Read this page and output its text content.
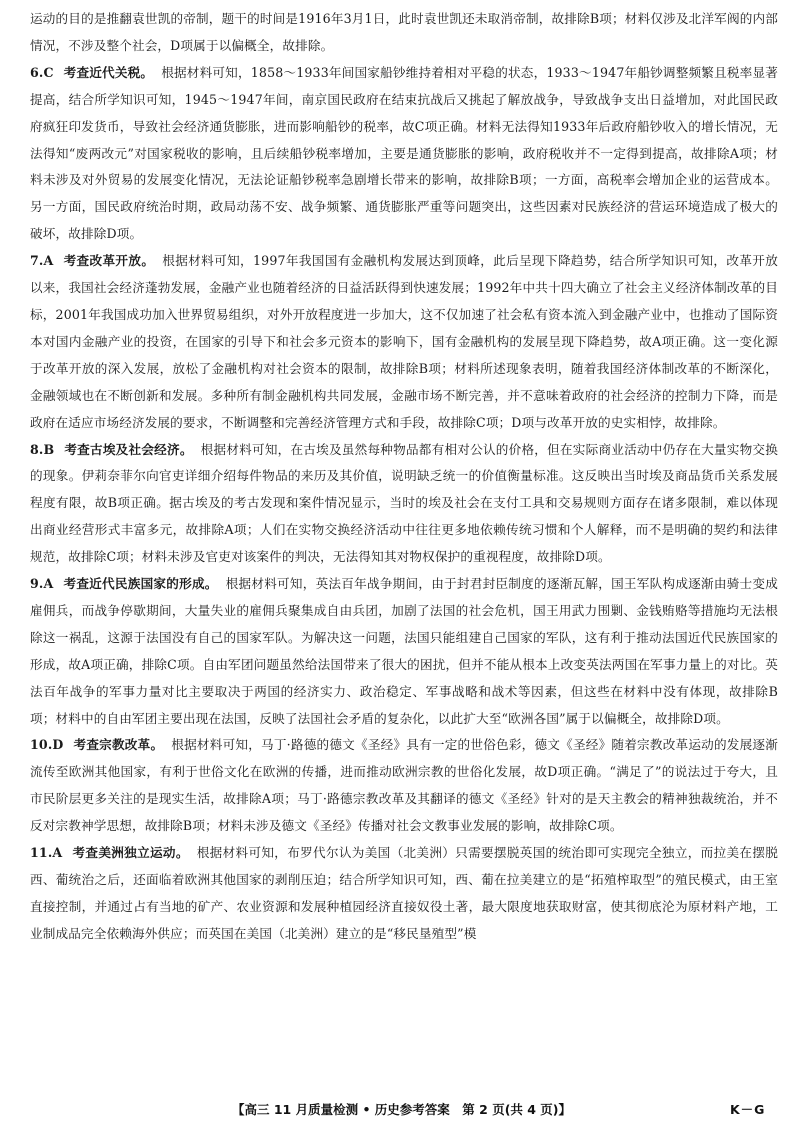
运动的目的是推翻袁世凯的帝制，题干的时间是1916年3月1日，此时袁世凯还未取消帝制，故排除B项；材料仅涉及北洋军阀的内部情况，不涉及整个社会，D项属于以偏概全，故排除。

6.C 考查近代关税。 根据材料可知，1858～1933年间国家船钞维持着相对平稳的状态，1933～1947年船钞调整频繁且税率显著提高，结合所学知识可知，1945～1947年间，南京国民政府在结束抗战后又挑起了解放战争，导致战争支出日益增加，对此国民政府疯狂印发货币，导致社会经济通货膨胀，进而影响船钞的税率，故C项正确。材料无法得知1933年后政府船钞收入的增长情况，无法得知“废两改元”对国家税收的影响，且后续船钞税率增加，主要是通货膨胀的影响，政府税收并不一定得到提高，故排除A项；材料未涉及对外贸易的发展变化情况，无法论证船钞税率急剧增长带来的影响，故排除B项；一方面，高税率会增加企业的运营成本。另一方面，国民政府统治时期，政局动荡不安、战争频繁、通货膨胀严重等问题突出，这些因素对民族经济的营运环境造成了极大的破坏，故排除D项。

7.A 考查改革开放。 根据材料可知，1997年我国国有金融机构发展达到顶峰，此后呈现下降趋势，结合所学知识可知，改革开放以来，我国社会经济蓬勃发展，金融产业也随着经济的日益活跃得到快速发展；1992年中共十四大确立了社会主义经济体制改革的目标，2001年我国成功加入世界贸易组织，对外开放程度进一步加大，这不仅加速了社会私有资本流入到金融产业中，也推动了国际资本对国内金融产业的投资，在国家的引导下和社会多元资本的影响下，国有金融机构的发展呈现下降趋势，故A项正确。这一变化源于改革开放的深入发展，放松了金融机构对社会资本的限制，故排除B项；材料所述现象表明，随着我国经济体制改革的不断深化，金融领域也在不断创新和发展。多种所有制金融机构共同发展，金融市场不断完善，并不意味着政府的社会经济的控制力下降，而是政府在适应市场经济发展的要求，不断调整和完善经济管理方式和手段，故排除C项；D项与改革开放的史实相悖，故排除。

8.B 考查古埃及社会经济。 根据材料可知，在古埃及虽然每种物品都有相对公认的价格，但在实际商业活动中仍存在大量实物交换的现象。伊莉奈菲尔向官吏详细介绍每件物品的来历及其价值，说明缺乏统一的价值衡量标准。这反映出当时埃及商品货币关系发展程度有限，故B项正确。据古埃及的考古发现和案件情况显示，当时的埃及社会在支付工具和交易规则方面存在诸多限制，难以体现出商业经营形式丰富多元，故排除A项；人们在实物交换经济活动中往往更多地依赖传统习惯和个人解释，而不是明确的契约和法律规范，故排除C项；材料未涉及官吏对该案件的判决，无法得知其对物权保护的重视程度，故排除D项。

9.A 考查近代民族国家的形成。 根据材料可知，英法百年战争期间，由于封君封臣制度的逐渐瓦解，国王军队构成逐渐由骑士变成雇佣兵，而战争停歇期间，大量失业的雇佣兵聚集成自由兵团，加剧了法国的社会危机，国王用武力围剿、金钱贿赂等措施均无法根除这一祸乱，这源于法国没有自己的国家军队。为解决这一问题，法国只能组建自己国家的军队，这有利于推动法国近代民族国家的形成，故A项正确，排除C项。自由军团问题虽然给法国带来了很大的困扰，但并不能从根本上改变英法两国在军事力量上的对比。英法百年战争的军事力量对比主要取决于两国的经济实力、政治稳定、军事战略和战术等因素，但这些在材料中没有体现，故排除B项；材料中的自由军团主要出现在法国，反映了法国社会矛盾的复杂化，以此扩大至“欧洲各国”属于以偏概全，故排除D项。

10.D 考查宗教改革。 根据材料可知，马丁·路德的德文《圣经》具有一定的世俗色彩，德文《圣经》随着宗教改革运动的发展逐渐流传至欧洲其他国家，有利于世俗文化在欧洲的传播，进而推动欧洲宗教的世俗化发展，故D项正确。“满足了”的说法过于夸大，且市民阶层更多关注的是现实生活，故排除A项；马丁·路德宗教改革及其翻译的德文《圣经》针对的是天主教会的精神独裁统治，并不反对宗教神学思想，故排除B项；材料未涉及德文《圣经》传播对社会文教事业发展的影响，故排除C项。

11.A 考查美洲独立运动。 根据材料可知，布罗代尔认为美国（北美洲）只需要摆脱英国的统治即可实现完全独立，而拉美在摆脱西、葡统治之后，还面临着欧洲其他国家的剥削压迫；结合所学知识可知，西、葡在拉美建立的是“拓殖榨取型”的殖民模式，由王室直接控制，并通过占有当地的矿产、农业资源和发展种植园经济直接奴役土著，最大限度地获取财富，使其彻底沦为原材料产地，工业制成品完全依赖海外供应；而英国在美国（北美洲）建立的是“移民垦殖型”模

【高三 11 月质量检测 • 历史参考答案　第 2 页(共 4 页)】	K－G
